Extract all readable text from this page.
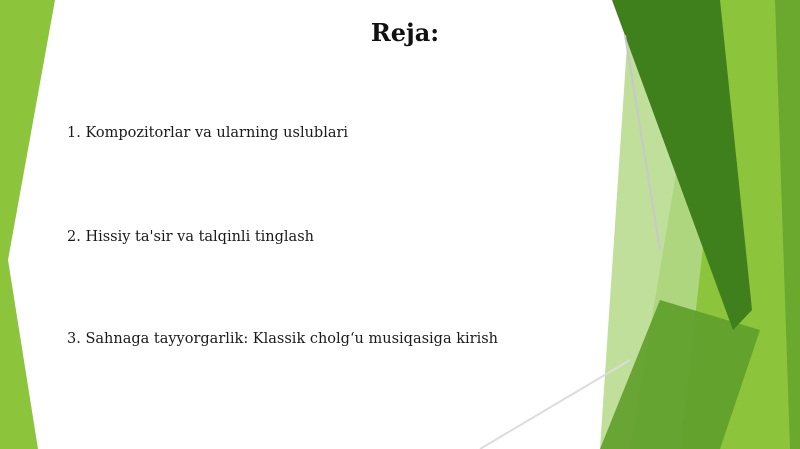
Reja:
1. Kompozitorlar va ularning uslublari
2. Hissiy ta'sir va talqinli tinglash
3. Sahnaga tayyorgarlik: Klassik cholg‘u musiqasiga kirish
